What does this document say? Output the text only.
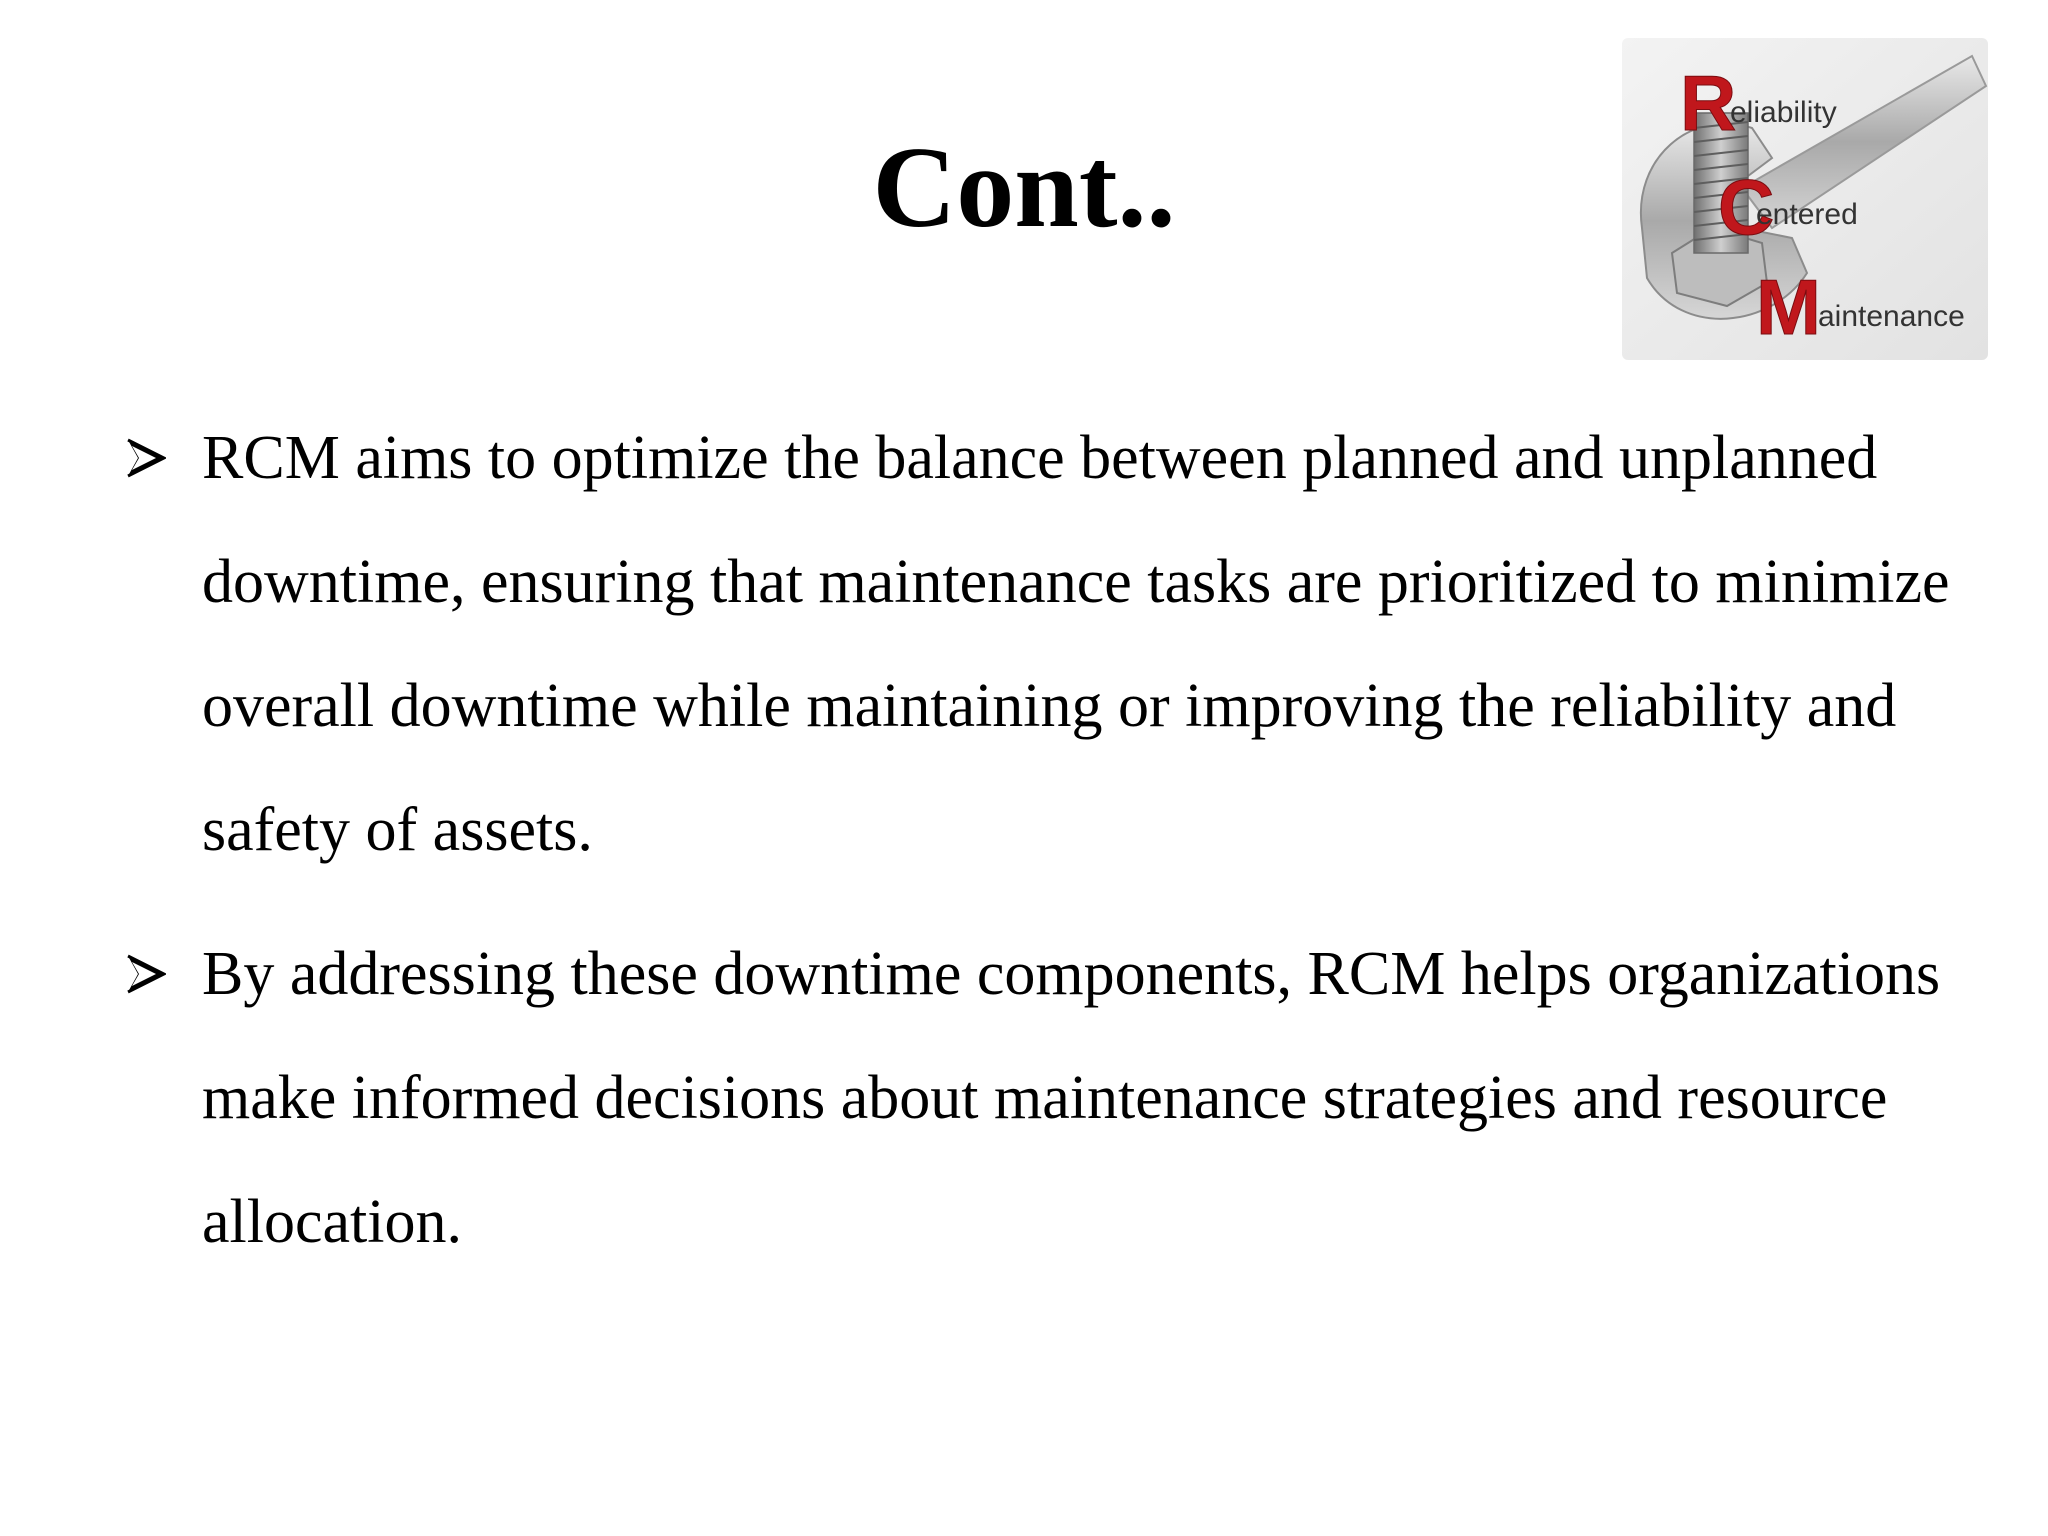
Cont..
R
eliability
C
entered
M
aintenance
RCM aims to optimize the balance between planned and unplanned downtime, ensuring that maintenance tasks are prioritized to minimize overall downtime while maintaining or improving the reliability and safety of assets.
By addressing these downtime components, RCM helps organizations make informed decisions about maintenance strategies and resource allocation.
